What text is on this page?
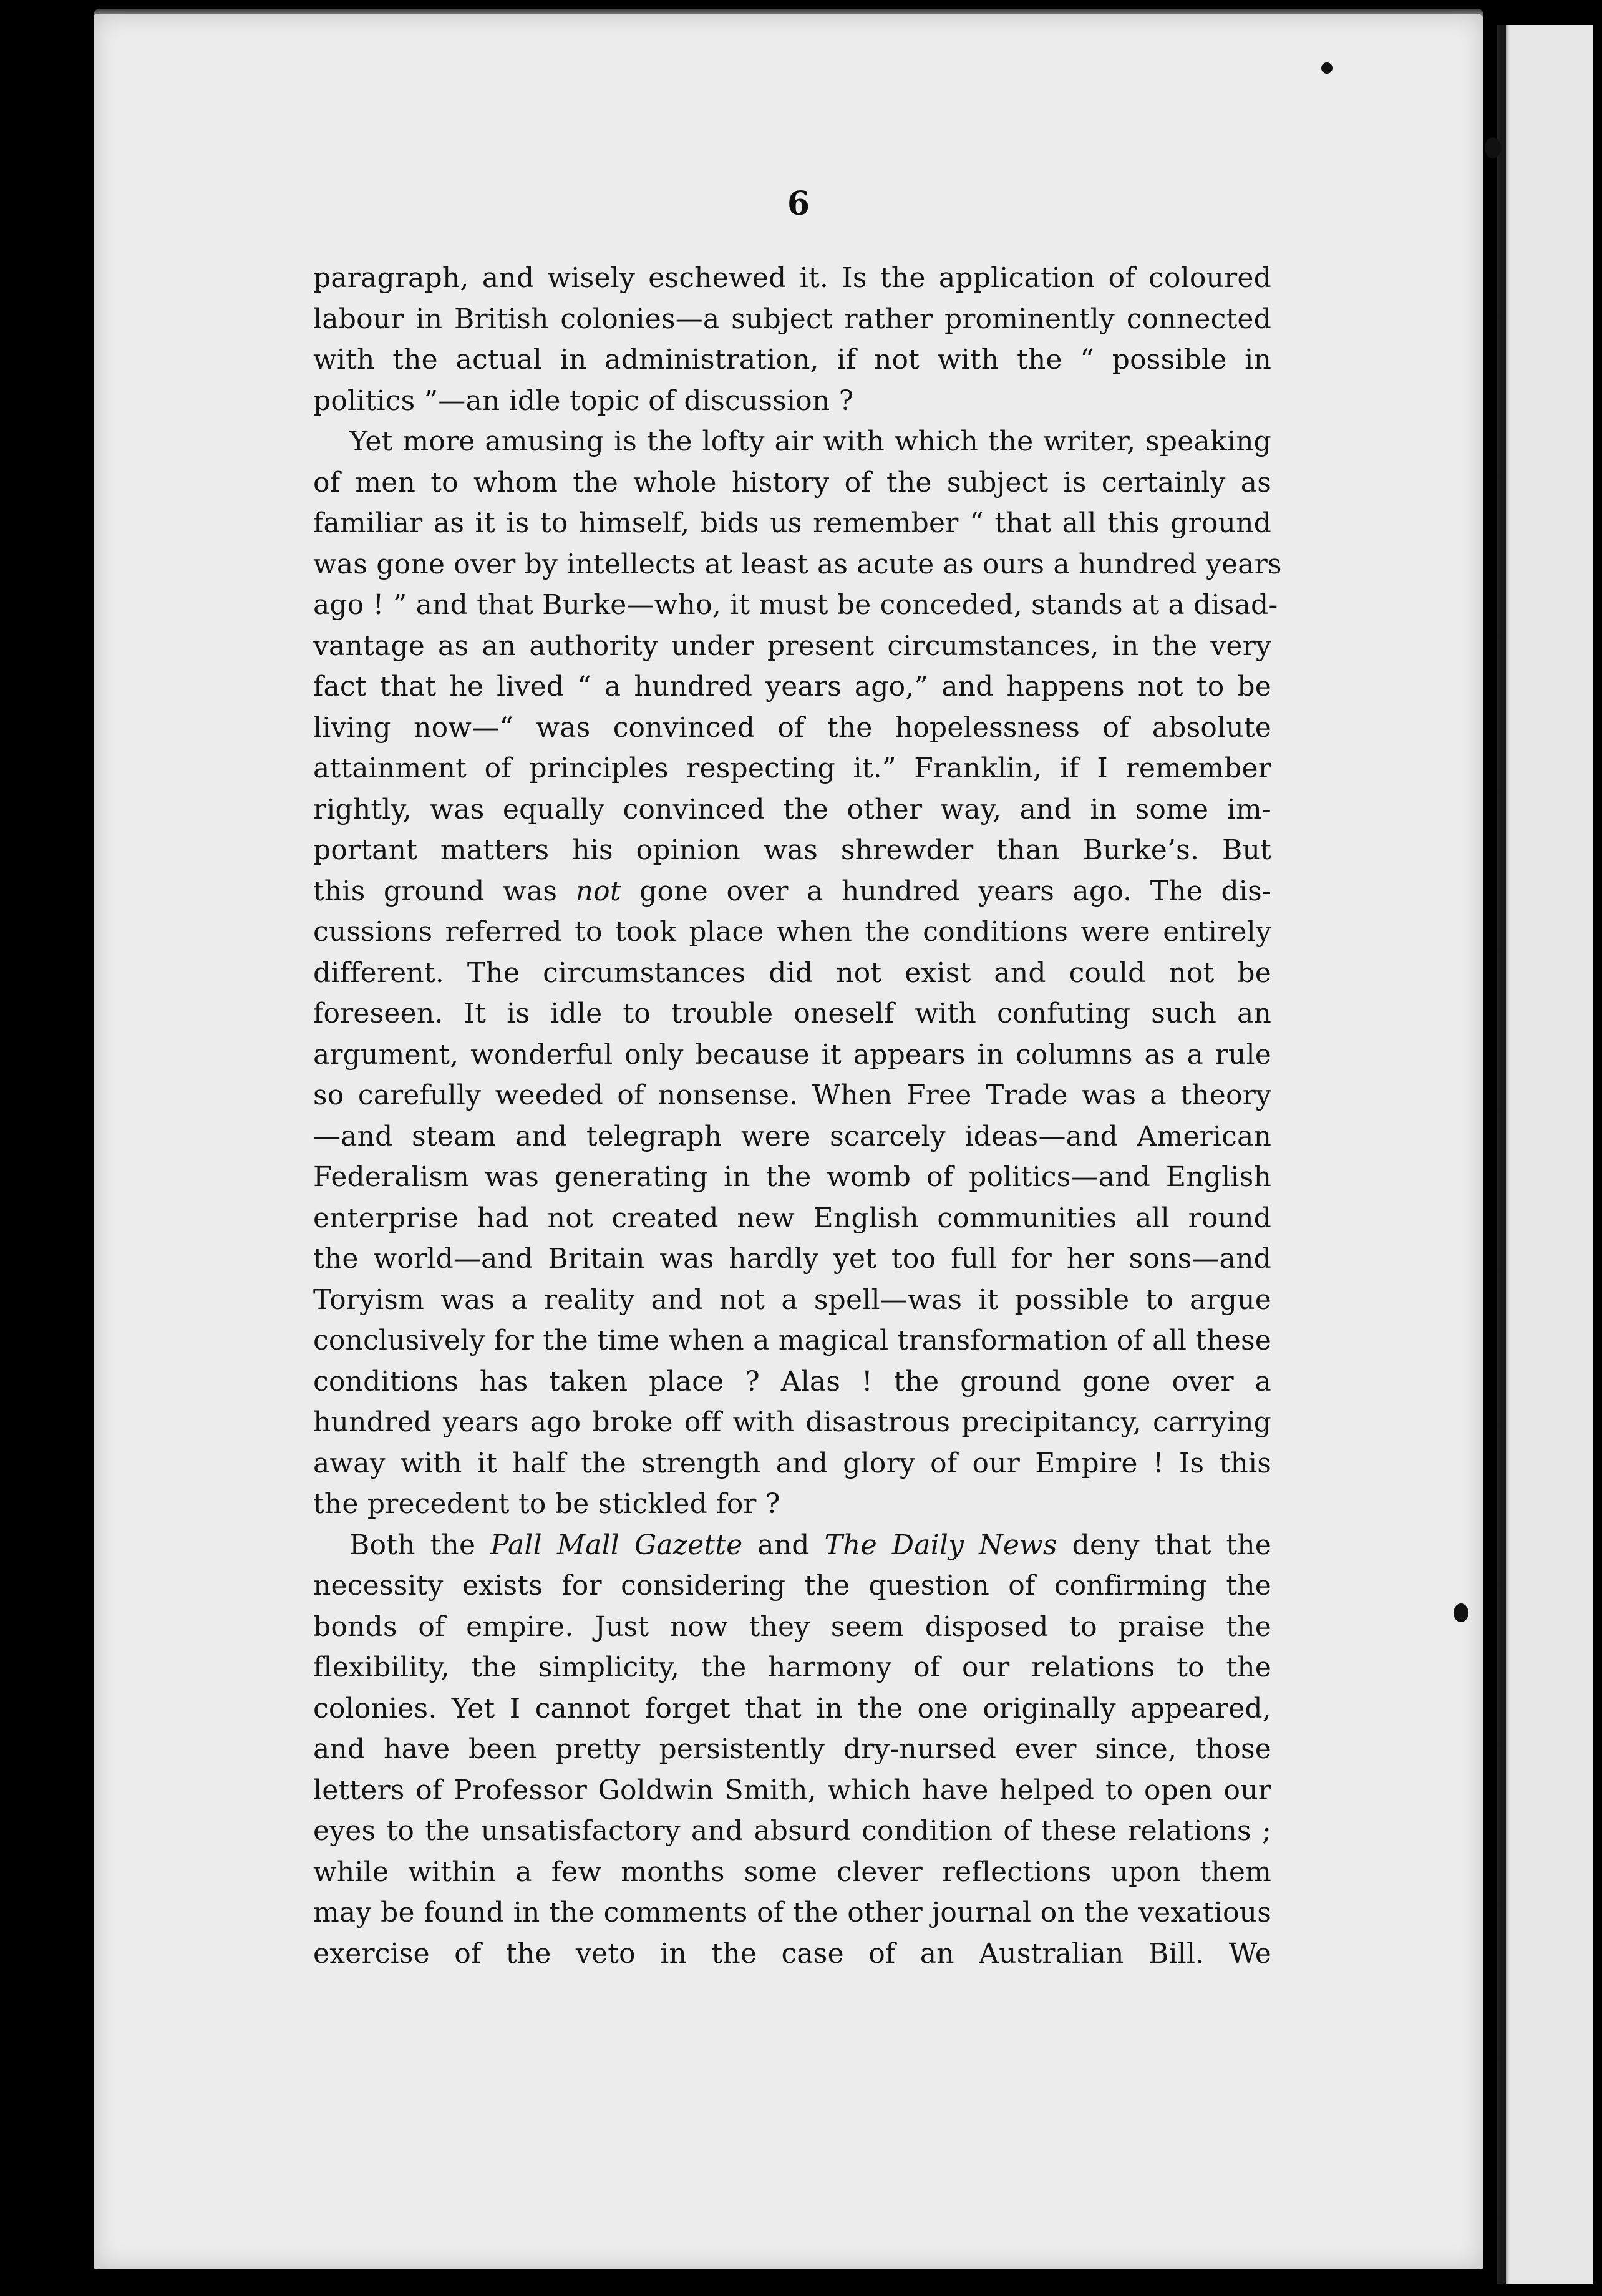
6
paragraph, and wisely eschewed it. Is the application of coloured
labour in British colonies—a subject rather prominently connected
with the actual in administration, if not with the “ possible in
politics ”—an idle topic of discussion ?
Yet more amusing is the lofty air with which the writer, speaking
of men to whom the whole history of the subject is certainly as
familiar as it is to himself, bids us remember “ that all this ground
was gone over by intellects at least as acute as ours a hundred years
ago ! ” and that Burke—who, it must be conceded, stands at a disad-
vantage as an authority under present circumstances, in the very
fact that he lived “ a hundred years ago,” and happens not to be
living now—“ was convinced of the hopelessness of absolute
attainment of principles respecting it.” Franklin, if I remember
rightly, was equally convinced the other way, and in some im-
portant matters his opinion was shrewder than Burke’s. But
this ground was not gone over a hundred years ago. The dis-
cussions referred to took place when the conditions were entirely
different. The circumstances did not exist and could not be
foreseen. It is idle to trouble oneself with confuting such an
argument, wonderful only because it appears in columns as a rule
so carefully weeded of nonsense. When Free Trade was a theory
—and steam and telegraph were scarcely ideas—and American
Federalism was generating in the womb of politics—and English
enterprise had not created new English communities all round
the world—and Britain was hardly yet too full for her sons—and
Toryism was a reality and not a spell—was it possible to argue
conclusively for the time when a magical transformation of all these
conditions has taken place ? Alas ! the ground gone over a
hundred years ago broke off with disastrous precipitancy, carrying
away with it half the strength and glory of our Empire ! Is this
the precedent to be stickled for ?
Both the Pall Mall Gazette and The Daily News deny that the
necessity exists for considering the question of confirming the
bonds of empire. Just now they seem disposed to praise the
flexibility, the simplicity, the harmony of our relations to the
colonies. Yet I cannot forget that in the one originally appeared,
and have been pretty persistently dry-nursed ever since, those
letters of Professor Goldwin Smith, which have helped to open our
eyes to the unsatisfactory and absurd condition of these relations ;
while within a few months some clever reflections upon them
may be found in the comments of the other journal on the vexatious
exercise of the veto in the case of an Australian Bill. We
